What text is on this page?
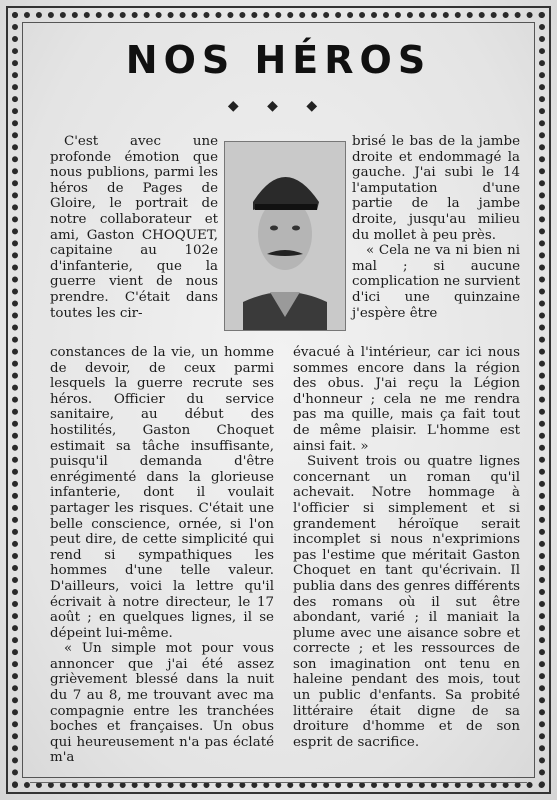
NOS HÉROS
◆ ◆ ◆

C'est avec une profonde émotion que nous publions, parmi les héros de Pages de Gloire, le portrait de notre collaborateur et ami, Gaston CHOQUET, capitaine au 102e d'infanterie, que la guerre vient de nous prendre. C'était dans toutes les cir-

constances de la vie, un homme de devoir, de ceux parmi lesquels la guerre recrute ses héros. Officier du service sanitaire, au début des hostilités, Gaston Choquet estimait sa tâche insuffisante, puisqu'il demanda d'être enrégimenté dans la glorieuse infanterie, dont il voulait partager les risques. C'était une belle conscience, ornée, si l'on peut dire, de cette simplicité qui rend si sympathiques les hommes d'une telle valeur. D'ailleurs, voici la lettre qu'il écrivait à notre directeur, le 17 août ; en quelques lignes, il se dépeint lui-même.

« Un simple mot pour vous annoncer que j'ai été assez grièvement blessé dans la nuit du 7 au 8, me trouvant avec ma compagnie entre les tranchées boches et françaises. Un obus qui heureusement n'a pas éclaté m'a

brisé le bas de la jambe droite et endommagé la gauche. J'ai subi le 14 l'amputation d'une partie de la jambe droite, jusqu'au milieu du mollet à peu près.

« Cela ne va ni bien ni mal ; si aucune complication ne survient d'ici une quinzaine j'espère être

évacué à l'intérieur, car ici nous sommes encore dans la région des obus. J'ai reçu la Légion d'honneur ; cela ne me rendra pas ma quille, mais ça fait tout de même plaisir. L'homme est ainsi fait. »

Suivent trois ou quatre lignes concernant un roman qu'il achevait. Notre hommage à l'officier si simplement et si grandement héroïque serait incomplet si nous n'exprimions pas l'estime que méritait Gaston Choquet en tant qu'écrivain. Il publia dans des genres différents des romans où il sut être abondant, varié ; il maniait la plume avec une aisance sobre et correcte ; et les ressources de son imagination ont tenu en haleine pendant des mois, tout un public d'enfants. Sa probité littéraire était digne de sa droiture d'homme et de son esprit de sacrifice.
